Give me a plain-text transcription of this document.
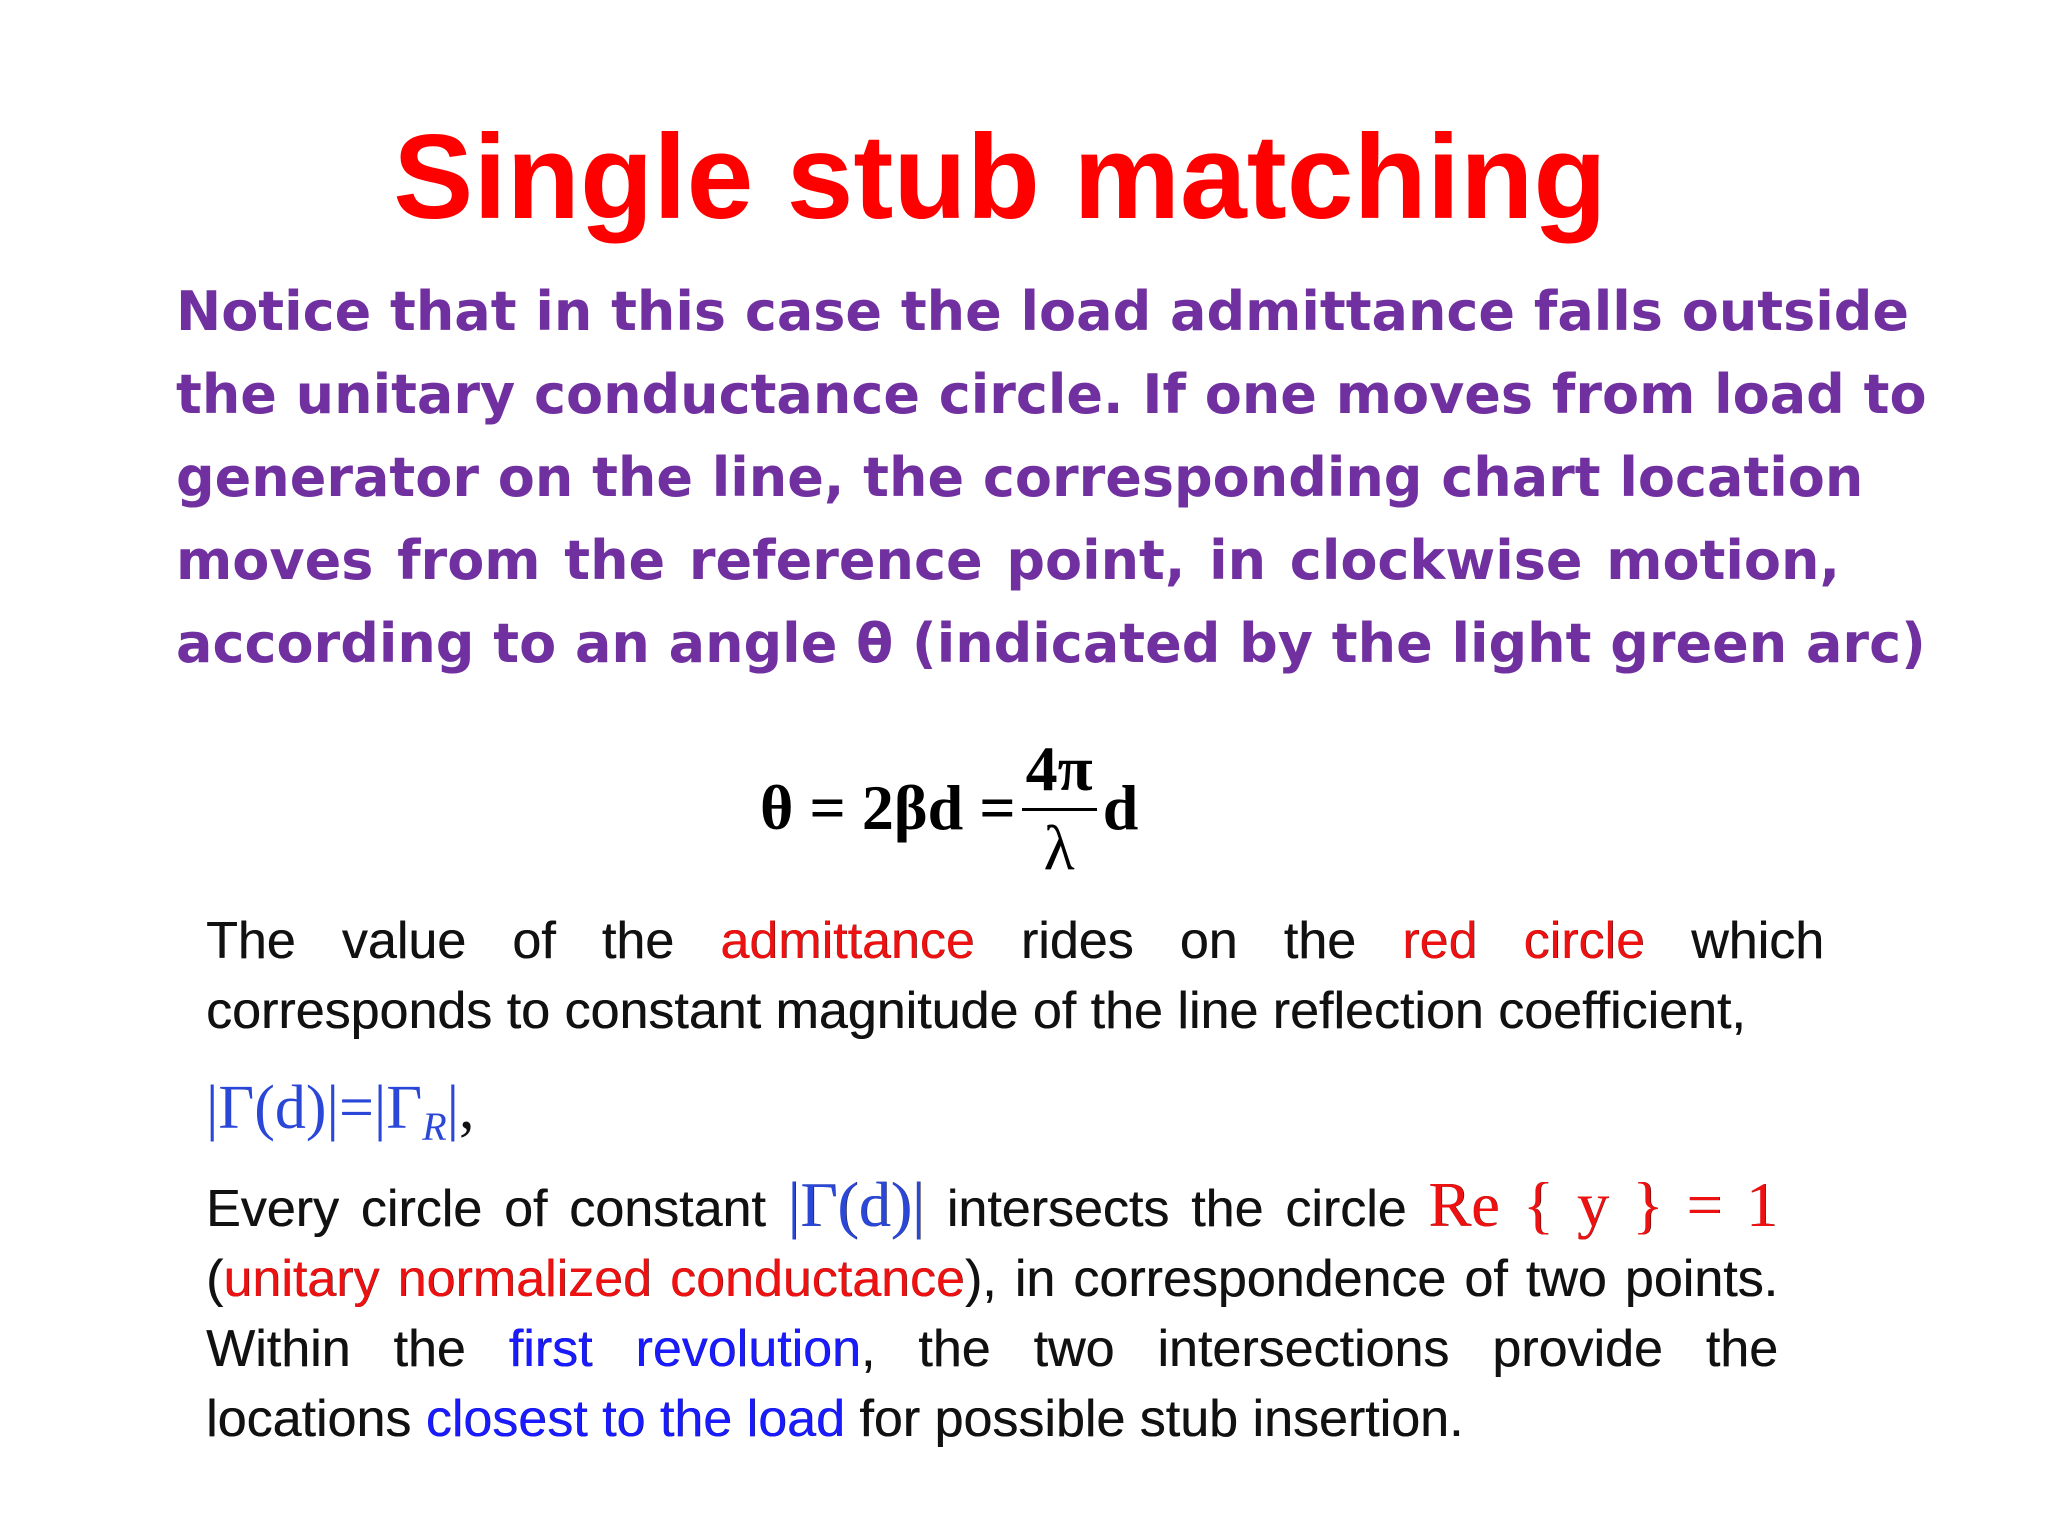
Single stub matching
Notice that in this case the load admittance falls outside
the unitary conductance circle. If one moves from load to
generator on the line, the corresponding chart location
moves from the reference point, in clockwise motion,
according to an angle θ (indicated by the light green arc)
$\theta = 2\beta d = \frac{4\pi}{\lambda}$ d
The value of the admittance rides on the red circle which
corresponds to constant magnitude of the line reflection coefficient,
$|\Gamma(d)|=|\Gamma_R|$,
Every circle of constant |Γ(d)| intersects the circle Re { y } = 1
(unitary normalized conductance), in correspondence of two points.
Within the first revolution, the two intersections provide the
locations closest to the load for possible stub insertion.
